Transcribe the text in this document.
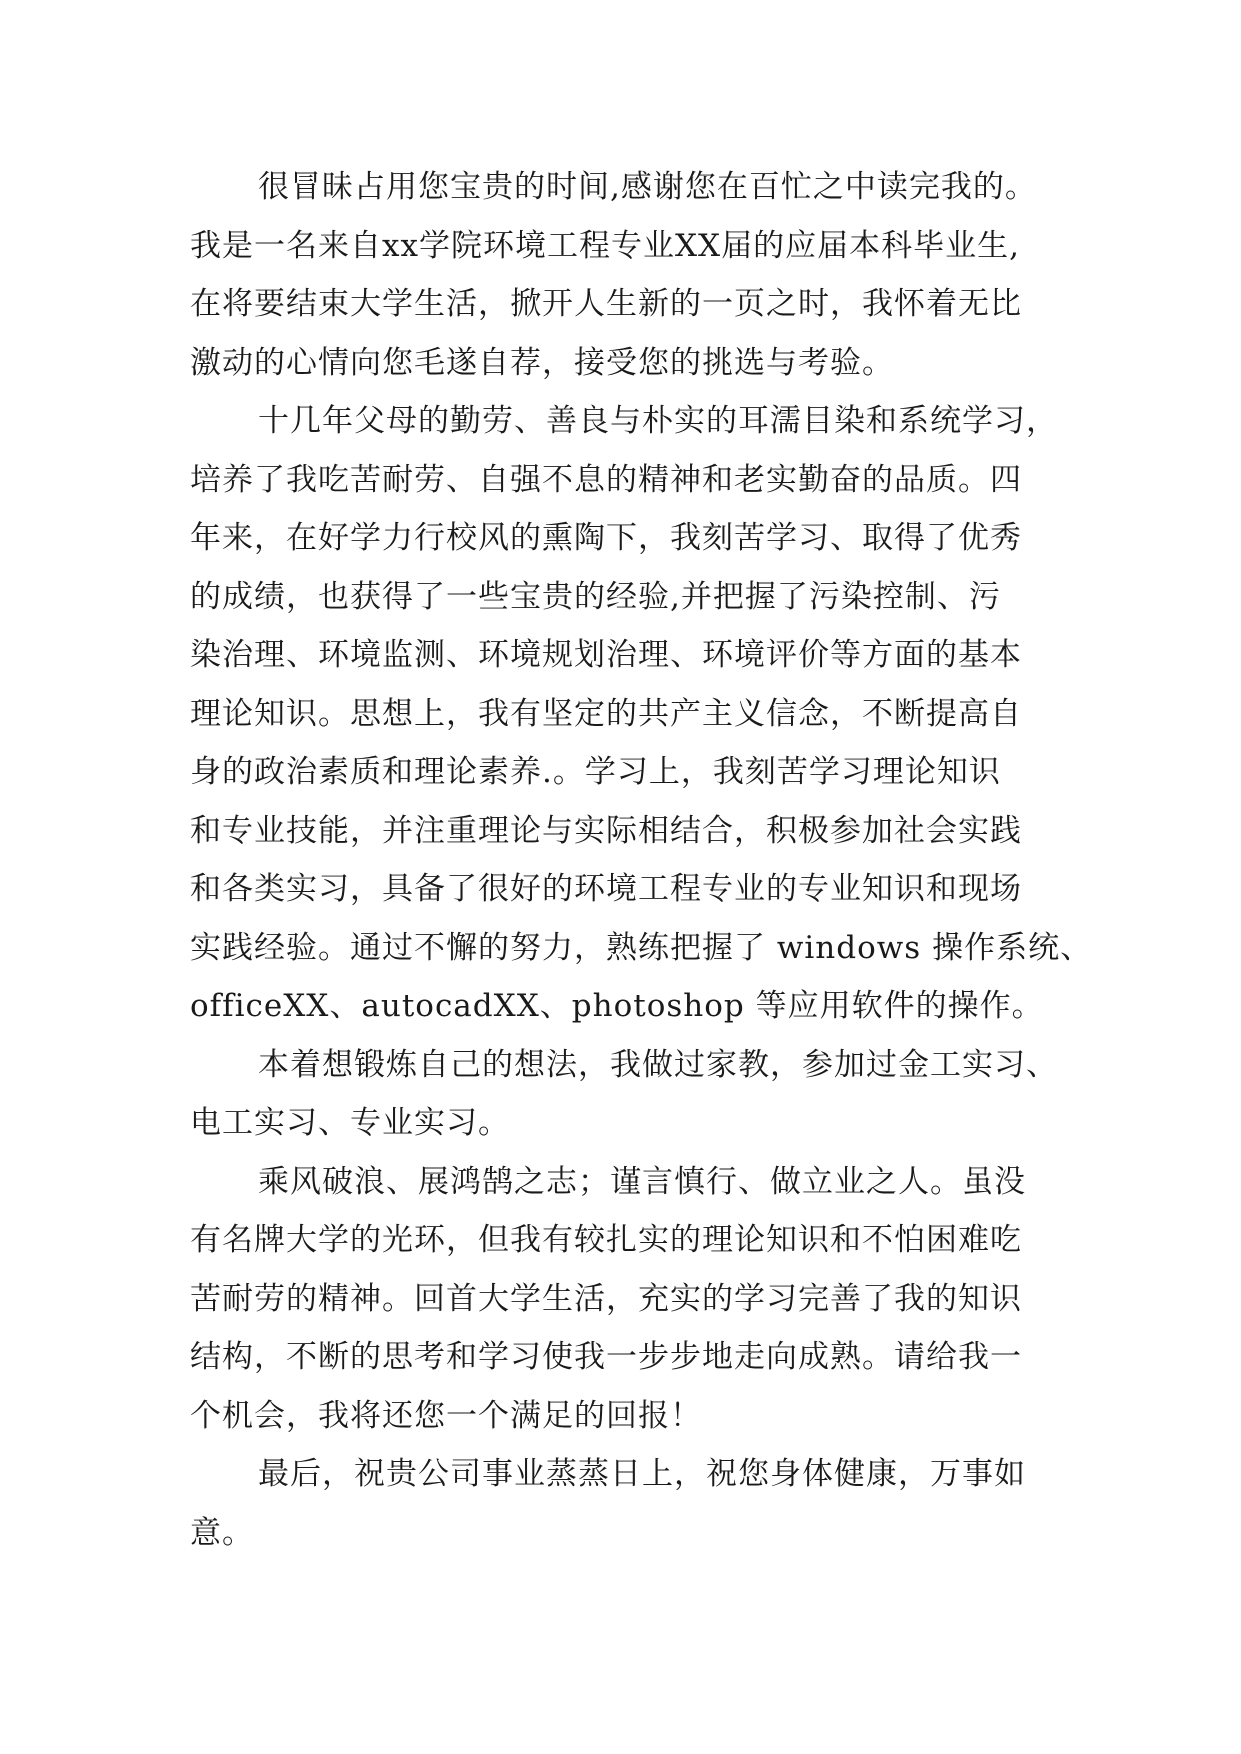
很冒昧占用您宝贵的时间,感谢您在百忙之中读完我的。
我是一名来自xx学院环境工程专业XX届的应届本科毕业生,
在将要结束大学生活，掀开人生新的一页之时，我怀着无比
激动的心情向您毛遂自荐，接受您的挑选与考验。
十几年父母的勤劳、善良与朴实的耳濡目染和系统学习，
培养了我吃苦耐劳、自强不息的精神和老实勤奋的品质。四
年来，在好学力行校风的熏陶下，我刻苦学习、取得了优秀
的成绩，也获得了一些宝贵的经验,并把握了污染控制、污
染治理、环境监测、环境规划治理、环境评价等方面的基本
理论知识。思想上，我有坚定的共产主义信念，不断提高自
身的政治素质和理论素养.。学习上，我刻苦学习理论知识
和专业技能，并注重理论与实际相结合，积极参加社会实践
和各类实习，具备了很好的环境工程专业的专业知识和现场
实践经验。通过不懈的努力，熟练把握了 windows 操作系统、
officeXX、autocadXX、photoshop 等应用软件的操作。
本着想锻炼自己的想法，我做过家教，参加过金工实习、
电工实习、专业实习。
乘风破浪、展鸿鹄之志；谨言慎行、做立业之人。虽没
有名牌大学的光环，但我有较扎实的理论知识和不怕困难吃
苦耐劳的精神。回首大学生活，充实的学习完善了我的知识
结构，不断的思考和学习使我一步步地走向成熟。请给我一
个机会，我将还您一个满足的回报！
最后，祝贵公司事业蒸蒸日上，祝您身体健康，万事如
意。
